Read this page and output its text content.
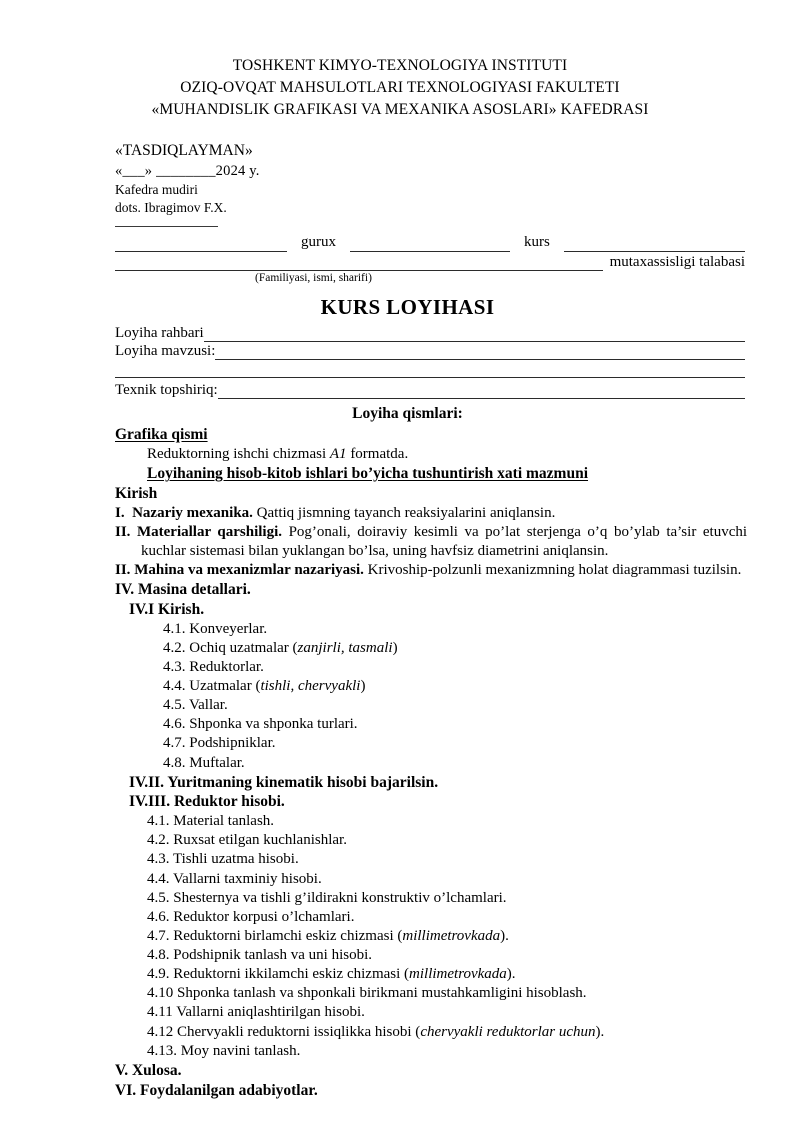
TOSHKENT KIMYO-TEXNOLOGIYA INSTITUTI
OZIQ-OVQAT MAHSULOTLARI TEXNOLOGIYASI FAKULTETI
«MUHANDISLIK GRAFIKASI VA MEXANIKA ASOSLARI» KAFEDRASI
«TASDIQLAYMAN»
«___» ________2024 y.
Kafedra mudiri
dots. Ibragimov F.X.
gurux	kurs
mutaxassisligi talabasi
(Familiyasi, ismi, sharifi)
KURS LOYIHASI
Loyiha rahbari
Loyiha mavzusi:
Texnik topshiriq:
Loyiha qismlari:
Grafika qismi
Reduktorning ishchi chizmasi A1 formatda.
Loyihaning hisob-kitob ishlari bo’yicha tushuntirish xati mazmuni
Kirish
I. Nazariy mexanika. Qattiq jismning tayanch reaksiyalarini aniqlansin.
II. Materiallar qarshiligi. Pog’onali, doiraviy kesimli va po’lat sterjenga o’q bo’ylab ta’sir etuvchi kuchlar sistemasi bilan yuklangan bo’lsa, uning havfsiz diametrini aniqlansin.
II. Mahina va mexanizmlar nazariyasi. Krivoship-polzunli mexanizmning holat diagrammasi tuzilsin.
IV. Masina detallari.
IV.I Kirish.
4.1. Konveyerlar.
4.2. Ochiq uzatmalar (zanjirli, tasmali)
4.3. Reduktorlar.
4.4. Uzatmalar (tishli, chervyakli)
4.5. Vallar.
4.6. Shponka va shponka turlari.
4.7. Podshipniklar.
4.8. Muftalar.
IV.II. Yuritmaning kinematik hisobi bajarilsin.
IV.III. Reduktor hisobi.
4.1. Material tanlash.
4.2. Ruxsat etilgan kuchlanishlar.
4.3. Tishli uzatma hisobi.
4.4. Vallarni taxminiy hisobi.
4.5. Shesternya va tishli g’ildirakni konstruktiv o’lchamlari.
4.6. Reduktor korpusi o’lchamlari.
4.7. Reduktorni birlamchi eskiz chizmasi (millimetrovkada).
4.8. Podshipnik tanlash va uni hisobi.
4.9. Reduktorni ikkilamchi eskiz chizmasi (millimetrovkada).
4.10 Shponka tanlash va shponkali birikmani mustahkamligini hisoblash.
4.11 Vallarni aniqlashtirilgan hisobi.
4.12 Chervyakli reduktorni issiqlikka hisobi (chervyakli reduktorlar uchun).
4.13. Moy navini tanlash.
V. Xulosa.
VI. Foydalanilgan adabiyotlar.
